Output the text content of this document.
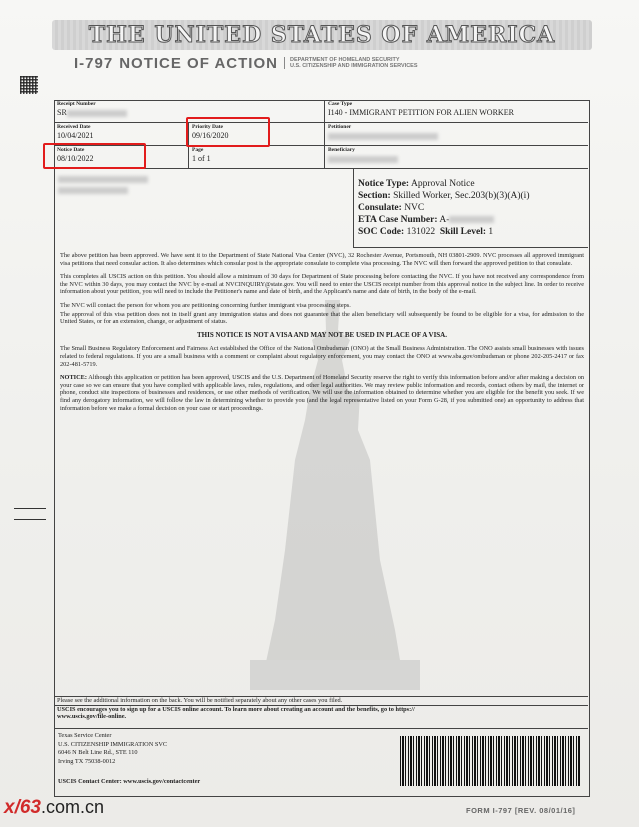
THE UNITED STATES OF AMERICA
I-797 NOTICE OF ACTION	DEPARTMENT OF HOMELAND SECURITY
U.S. CITIZENSHIP AND IMMIGRATION SERVICES
Receipt Number
SR
Case Type
I140 - IMMIGRANT PETITION FOR ALIEN WORKER
Received Date
10/04/2021
Priority Date
09/16/2020
Petitioner
Notice Date
08/10/2022
Page
1 of 1
Beneficiary
Notice Type: Approval Notice
Section: Skilled Worker, Sec.203(b)(3)(A)(i)
Consulate: NVC
ETA Case Number: A-
SOC Code: 131022 Skill Level: 1

The above petition has been approved. We have sent it to the Department of State National Visa Center (NVC), 32 Rochester Avenue, Portsmouth, NH 03801-2909. NVC processes all approved immigrant visa petitions that need consular action. It also determines which consular post is the appropriate consulate to complete visa processing. The NVC will then forward the approved petition to that consulate.

This completes all USCIS action on this petition. You should allow a minimum of 30 days for Department of State processing before contacting the NVC. If you have not received any correspondence from the NVC within 30 days, you may contact the NVC by e-mail at NVCINQUIRY@state.gov. You will need to enter the USCIS receipt number from this approval notice in the subject line. In order to receive information about your petition, you will need to include the Petitioner's name and date of birth, and the Applicant's name and date of birth, in the body of the e-mail.

The NVC will contact the person for whom you are petitioning concerning further immigrant visa processing steps.

The approval of this visa petition does not in itself grant any immigration status and does not guarantee that the alien beneficiary will subsequently be found to be eligible for a visa, for admission to the United States, or for an extension, change, or adjustment of status.

THIS NOTICE IS NOT A VISA AND MAY NOT BE USED IN PLACE OF A VISA.

The Small Business Regulatory Enforcement and Fairness Act established the Office of the National Ombudsman (ONO) at the Small Business Administration. The ONO assists small businesses with issues related to federal regulations. If you are a small business with a comment or complaint about regulatory enforcement, you may contact the ONO at www.sba.gov/ombudsman or phone 202-205-2417 or fax 202-481-5719.

NOTICE: Although this application or petition has been approved, USCIS and the U.S. Department of Homeland Security reserve the right to verify this information before and/or after making a decision on your case so we can ensure that you have complied with applicable laws, rules, regulations, and other legal authorities. We may review public information and records, contact others by mail, the internet or phone, conduct site inspections of businesses and residences, or use other methods of verification. We will use the information obtained to determine whether you are eligible for the benefit you seek. If we find any derogatory information, we will follow the law in determining whether to provide you (and the legal representative listed on your Form G-28, if you submitted one) an opportunity to address that information before we make a formal decision on your case or start proceedings.

Please see the additional information on the back. You will be notified separately about any other cases you filed.
USCIS encourages you to sign up for a USCIS online account. To learn more about creating an account and the benefits, go to https://
www.uscis.gov/file-online.
Texas Service Center
U.S. CITIZENSHIP IMMIGRATION SVC
6046 N Belt Line Rd., STE 110
Irving TX 75038-0012
USCIS Contact Center: www.uscis.gov/contactcenter
FORM I-797 [REV. 08/01/16]
x/63.com.cn
